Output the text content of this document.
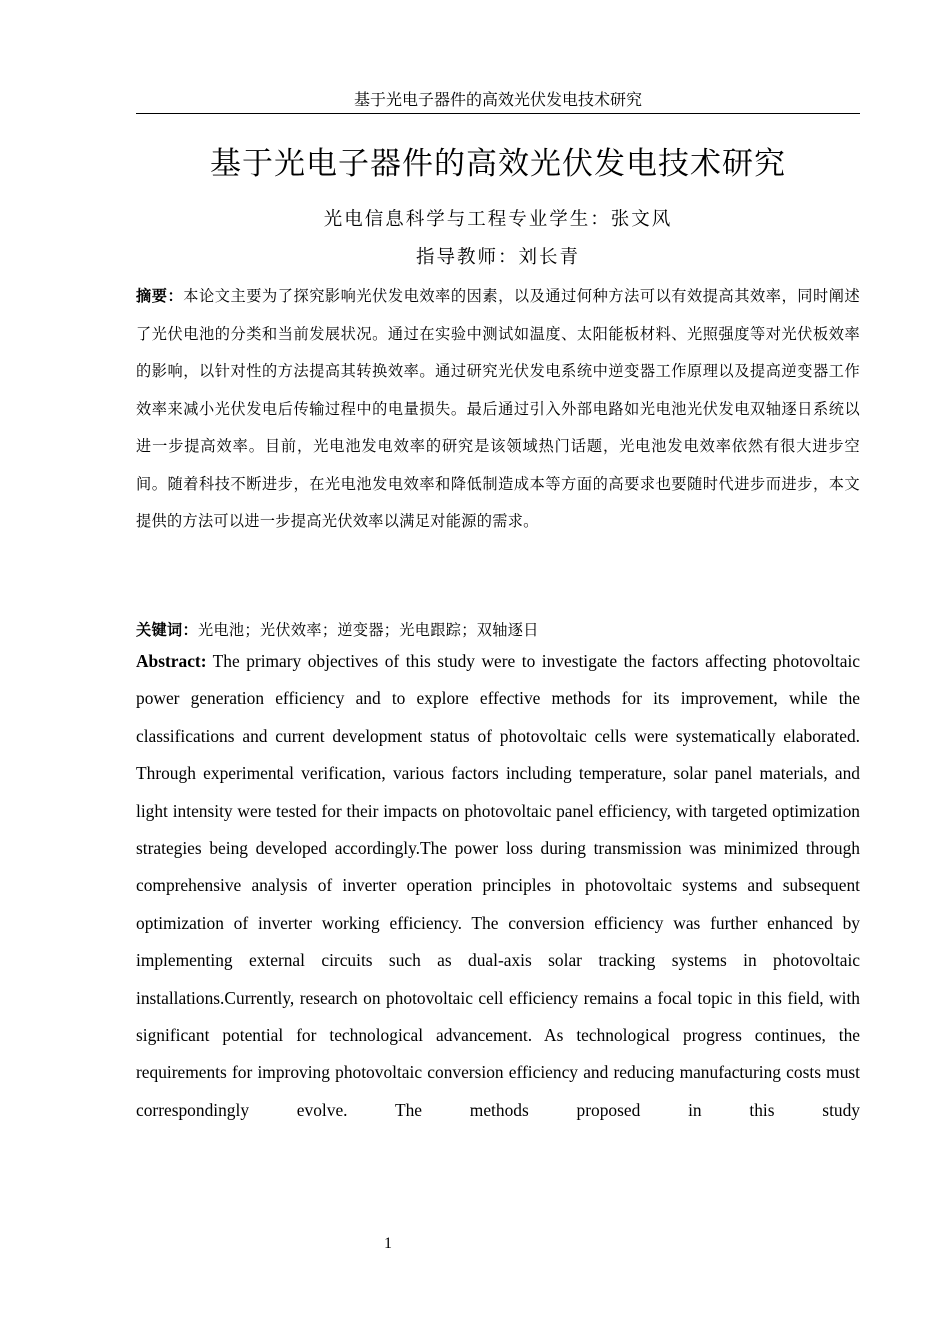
基于光电子器件的高效光伏发电技术研究
基于光电子器件的高效光伏发电技术研究
光电信息科学与工程专业学生：张文风
指导教师：刘长青
摘要：本论文主要为了探究影响光伏发电效率的因素，以及通过何种方法可以有效提高其效率，同时阐述了光伏电池的分类和当前发展状况。通过在实验中测试如温度、太阳能板材料、光照强度等对光伏板效率的影响，以针对性的方法提高其转换效率。通过研究光伏发电系统中逆变器工作原理以及提高逆变器工作效率来减小光伏发电后传输过程中的电量损失。最后通过引入外部电路如光电池光伏发电双轴逐日系统以进一步提高效率。目前，光电池发电效率的研究是该领域热门话题，光电池发电效率依然有很大进步空间。随着科技不断进步，在光电池发电效率和降低制造成本等方面的高要求也要随时代进步而进步，本文提供的方法可以进一步提高光伏效率以满足对能源的需求。
关键词：光电池；光伏效率；逆变器；光电跟踪；双轴逐日
Abstract: The primary objectives of this study were to investigate the factors affecting photovoltaic power generation efficiency and to explore effective methods for its improvement, while the classifications and current development status of photovoltaic cells were systematically elaborated. Through experimental verification, various factors including temperature, solar panel materials, and light intensity were tested for their impacts on photovoltaic panel efficiency, with targeted optimization strategies being developed accordingly.The power loss during transmission was minimized through comprehensive analysis of inverter operation principles in photovoltaic systems and subsequent optimization of inverter working efficiency. The conversion efficiency was further enhanced by implementing external circuits such as dual-axis solar tracking systems in photovoltaic installations.Currently, research on photovoltaic cell efficiency remains a focal topic in this field, with significant potential for technological advancement. As technological progress continues, the requirements for improving photovoltaic conversion efficiency and reducing manufacturing costs must correspondingly evolve. The methods proposed in this study
1
